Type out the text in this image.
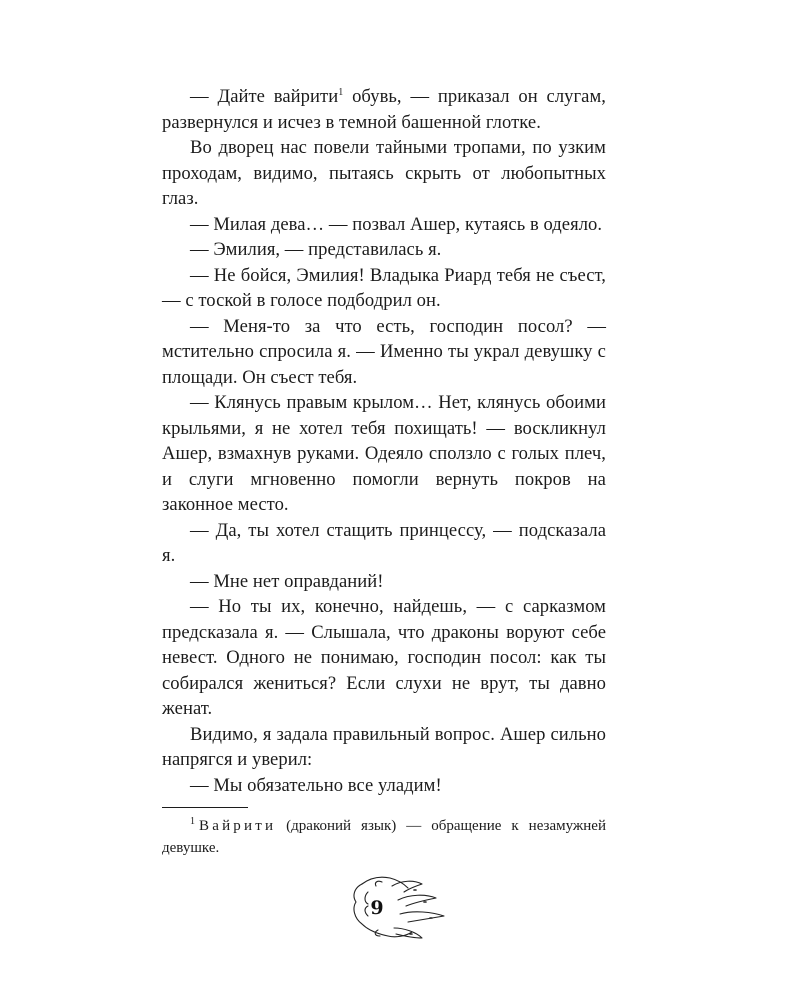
— Дайте вайрити$^1$ обувь, — приказал он слугам, развернулся и исчез в темной башенной глотке.

Во дворец нас повели тайными тропами, по узким проходам, видимо, пытаясь скрыть от любопытных глаз.

— Милая дева… — позвал Ашер, кутаясь в одеяло.

— Эмилия, — представилась я.

— Не бойся, Эмилия! Владыка Риард тебя не съест, — с тоской в голосе подбодрил он.

— Меня-то за что есть, господин посол? — мстительно спросила я. — Именно ты украл девушку с площади. Он съест тебя.

— Клянусь правым крылом… Нет, клянусь обоими крыльями, я не хотел тебя похищать! — воскликнул Ашер, взмахнув руками. Одеяло сползло с голых плеч, и слуги мгновенно помогли вернуть покров на законное место.

— Да, ты хотел стащить принцессу, — подсказала я.

— Мне нет оправданий!

— Но ты их, конечно, найдешь, — с сарказмом предсказала я. — Слышала, что драконы воруют себе невест. Одного не понимаю, господин посол: как ты собирался жениться? Если слухи не врут, ты давно женат.

Видимо, я задала правильный вопрос. Ашер сильно напрягся и уверил:

— Мы обязательно все уладим!

$^1$ Вайрити (драконий язык) — обращение к незамужней девушке.

9
